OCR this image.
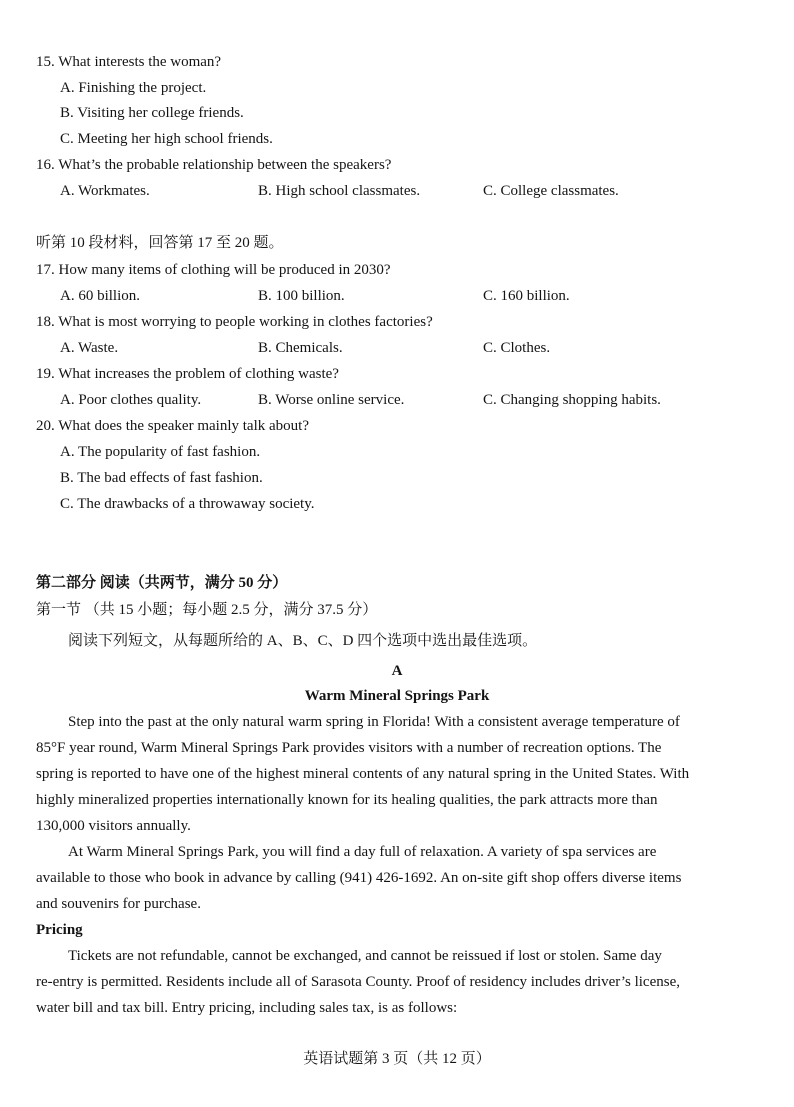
15. What interests the woman?
A. Finishing the project.
B. Visiting her college friends.
C. Meeting her high school friends.
16. What’s the probable relationship between the speakers?
A. Workmates.	B. High school classmates.	C. College classmates.
听第 10 段材料，回答第 17 至 20 题。
17. How many items of clothing will be produced in 2030?
A. 60 billion.	B. 100 billion.	C. 160 billion.
18. What is most worrying to people working in clothes factories?
A. Waste.	B. Chemicals.	C. Clothes.
19. What increases the problem of clothing waste?
A. Poor clothes quality.	B. Worse online service.	C. Changing shopping habits.
20. What does the speaker mainly talk about?
A. The popularity of fast fashion.
B. The bad effects of fast fashion.
C. The drawbacks of a throwaway society.
第二部分 阅读（共两节，满分 50 分）
第一节 （共 15 小题；每小题 2.5 分，满分 37.5 分）
阅读下列短文，从每题所给的 A、B、C、D 四个选项中选出最佳选项。
A
Warm Mineral Springs Park
Step into the past at the only natural warm spring in Florida! With a consistent average temperature of
85°F year round, Warm Mineral Springs Park provides visitors with a number of recreation options. The
spring is reported to have one of the highest mineral contents of any natural spring in the United States. With
highly mineralized properties internationally known for its healing qualities, the park attracts more than
130,000 visitors annually.
At Warm Mineral Springs Park, you will find a day full of relaxation. A variety of spa services are
available to those who book in advance by calling (941) 426-1692. An on-site gift shop offers diverse items
and souvenirs for purchase.
Pricing
Tickets are not refundable, cannot be exchanged, and cannot be reissued if lost or stolen. Same day
re-entry is permitted. Residents include all of Sarasota County. Proof of residency includes driver’s license,
water bill and tax bill. Entry pricing, including sales tax, is as follows:
英语试题第 3 页（共 12 页）
